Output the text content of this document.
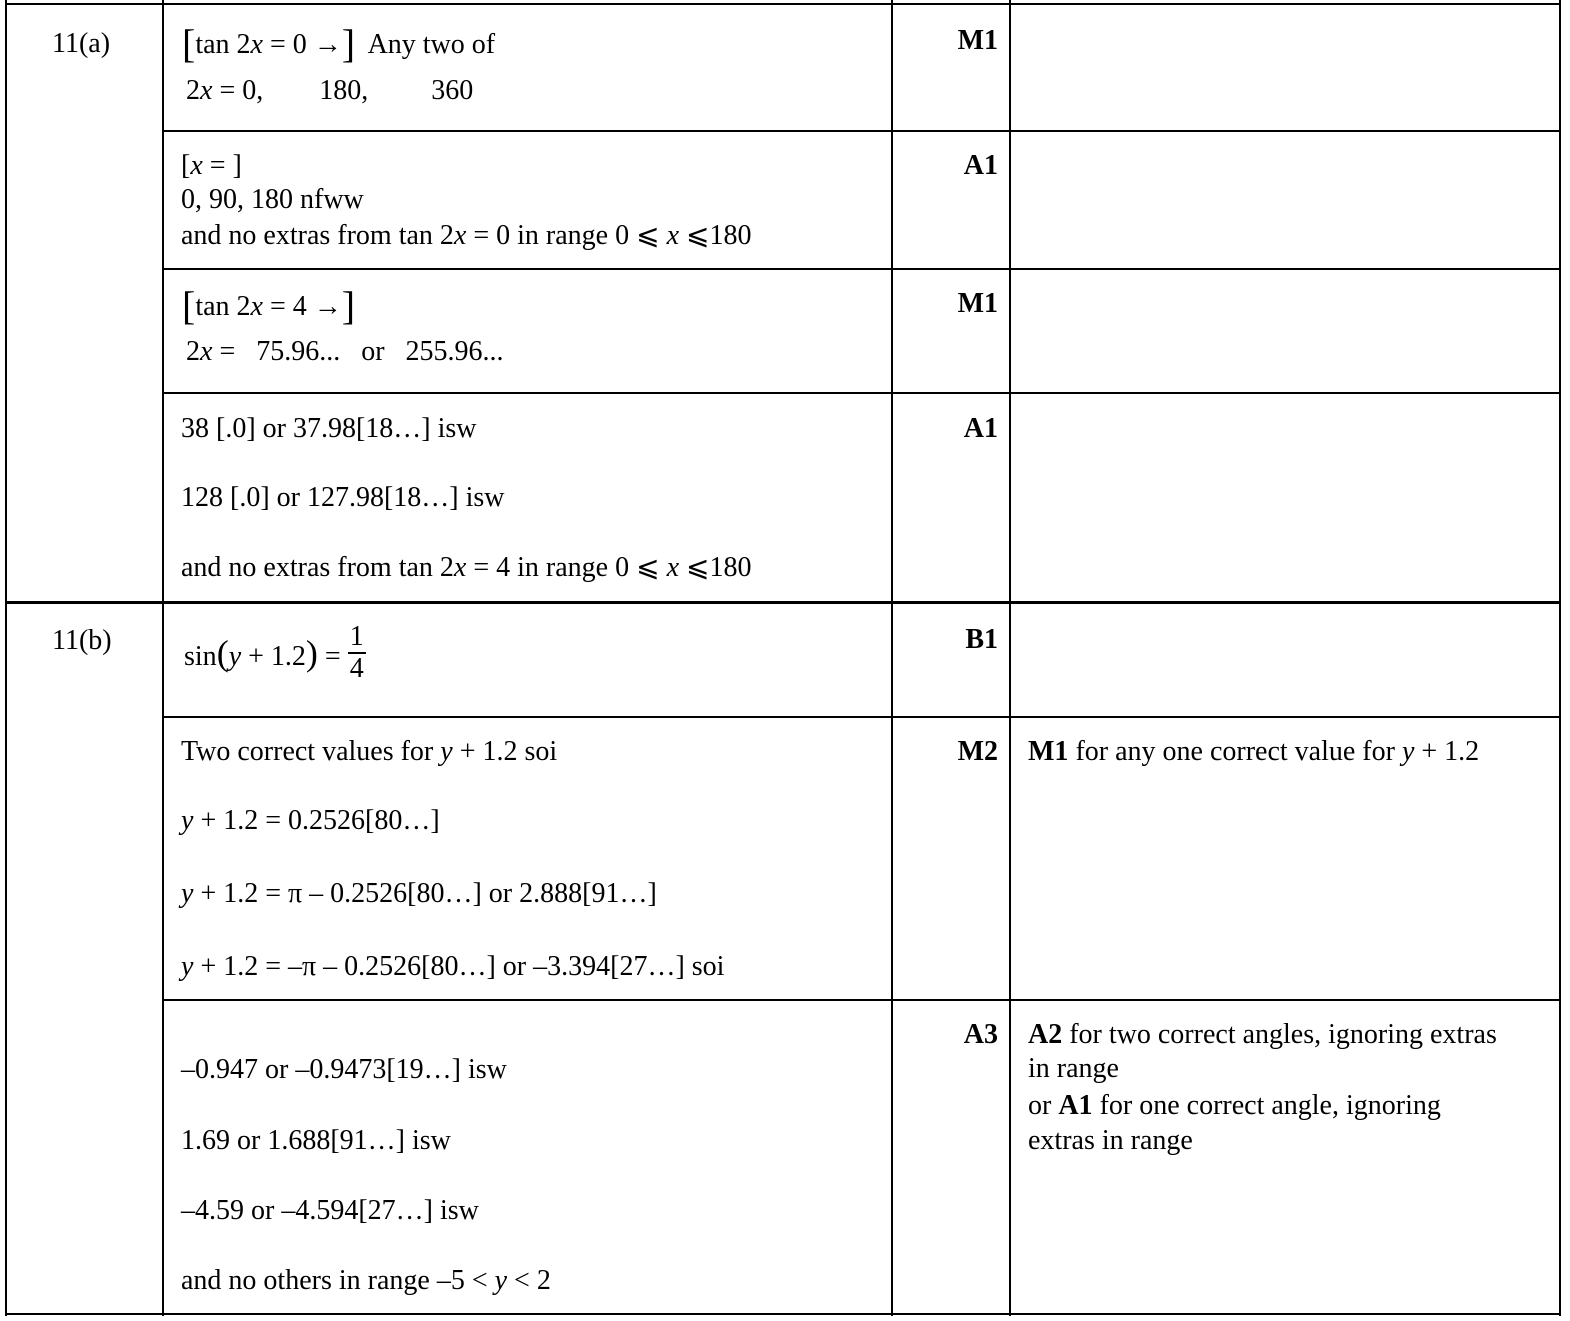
11(a) [tan 2x = 0 →]  Any two of
2x = 0,        180,         360
M1
[x = ]
0, 90, 180 nfww
and no extras from tan 2x = 0 in range 0 ⩽ x ⩽180
A1
[tan 2x = 4 →]
2x =   75.96...   or   255.96...
M1
38 [.0] or 37.98[18…] isw
128 [.0] or 127.98[18…] isw
and no extras from tan 2x = 4 in range 0 ⩽ x ⩽180
A1
11(b)
$\sin(y + 1.2) = \frac{1}{4}$	B1
Two correct values for y + 1.2 soi
y + 1.2 = 0.2526[80…]
y + 1.2 = π – 0.2526[80…] or 2.888[91…]
y + 1.2 = –π – 0.2526[80…] or –3.394[27…] soi
M2 M1 for any one correct value for y + 1.2
–0.947 or –0.9473[19…] isw
1.69 or 1.688[91…] isw
–4.59 or –4.594[27…] isw
and no others in range –5 < y < 2
A3 A2 for two correct angles, ignoring extras
in range
or A1 for one correct angle, ignoring
extras in range
